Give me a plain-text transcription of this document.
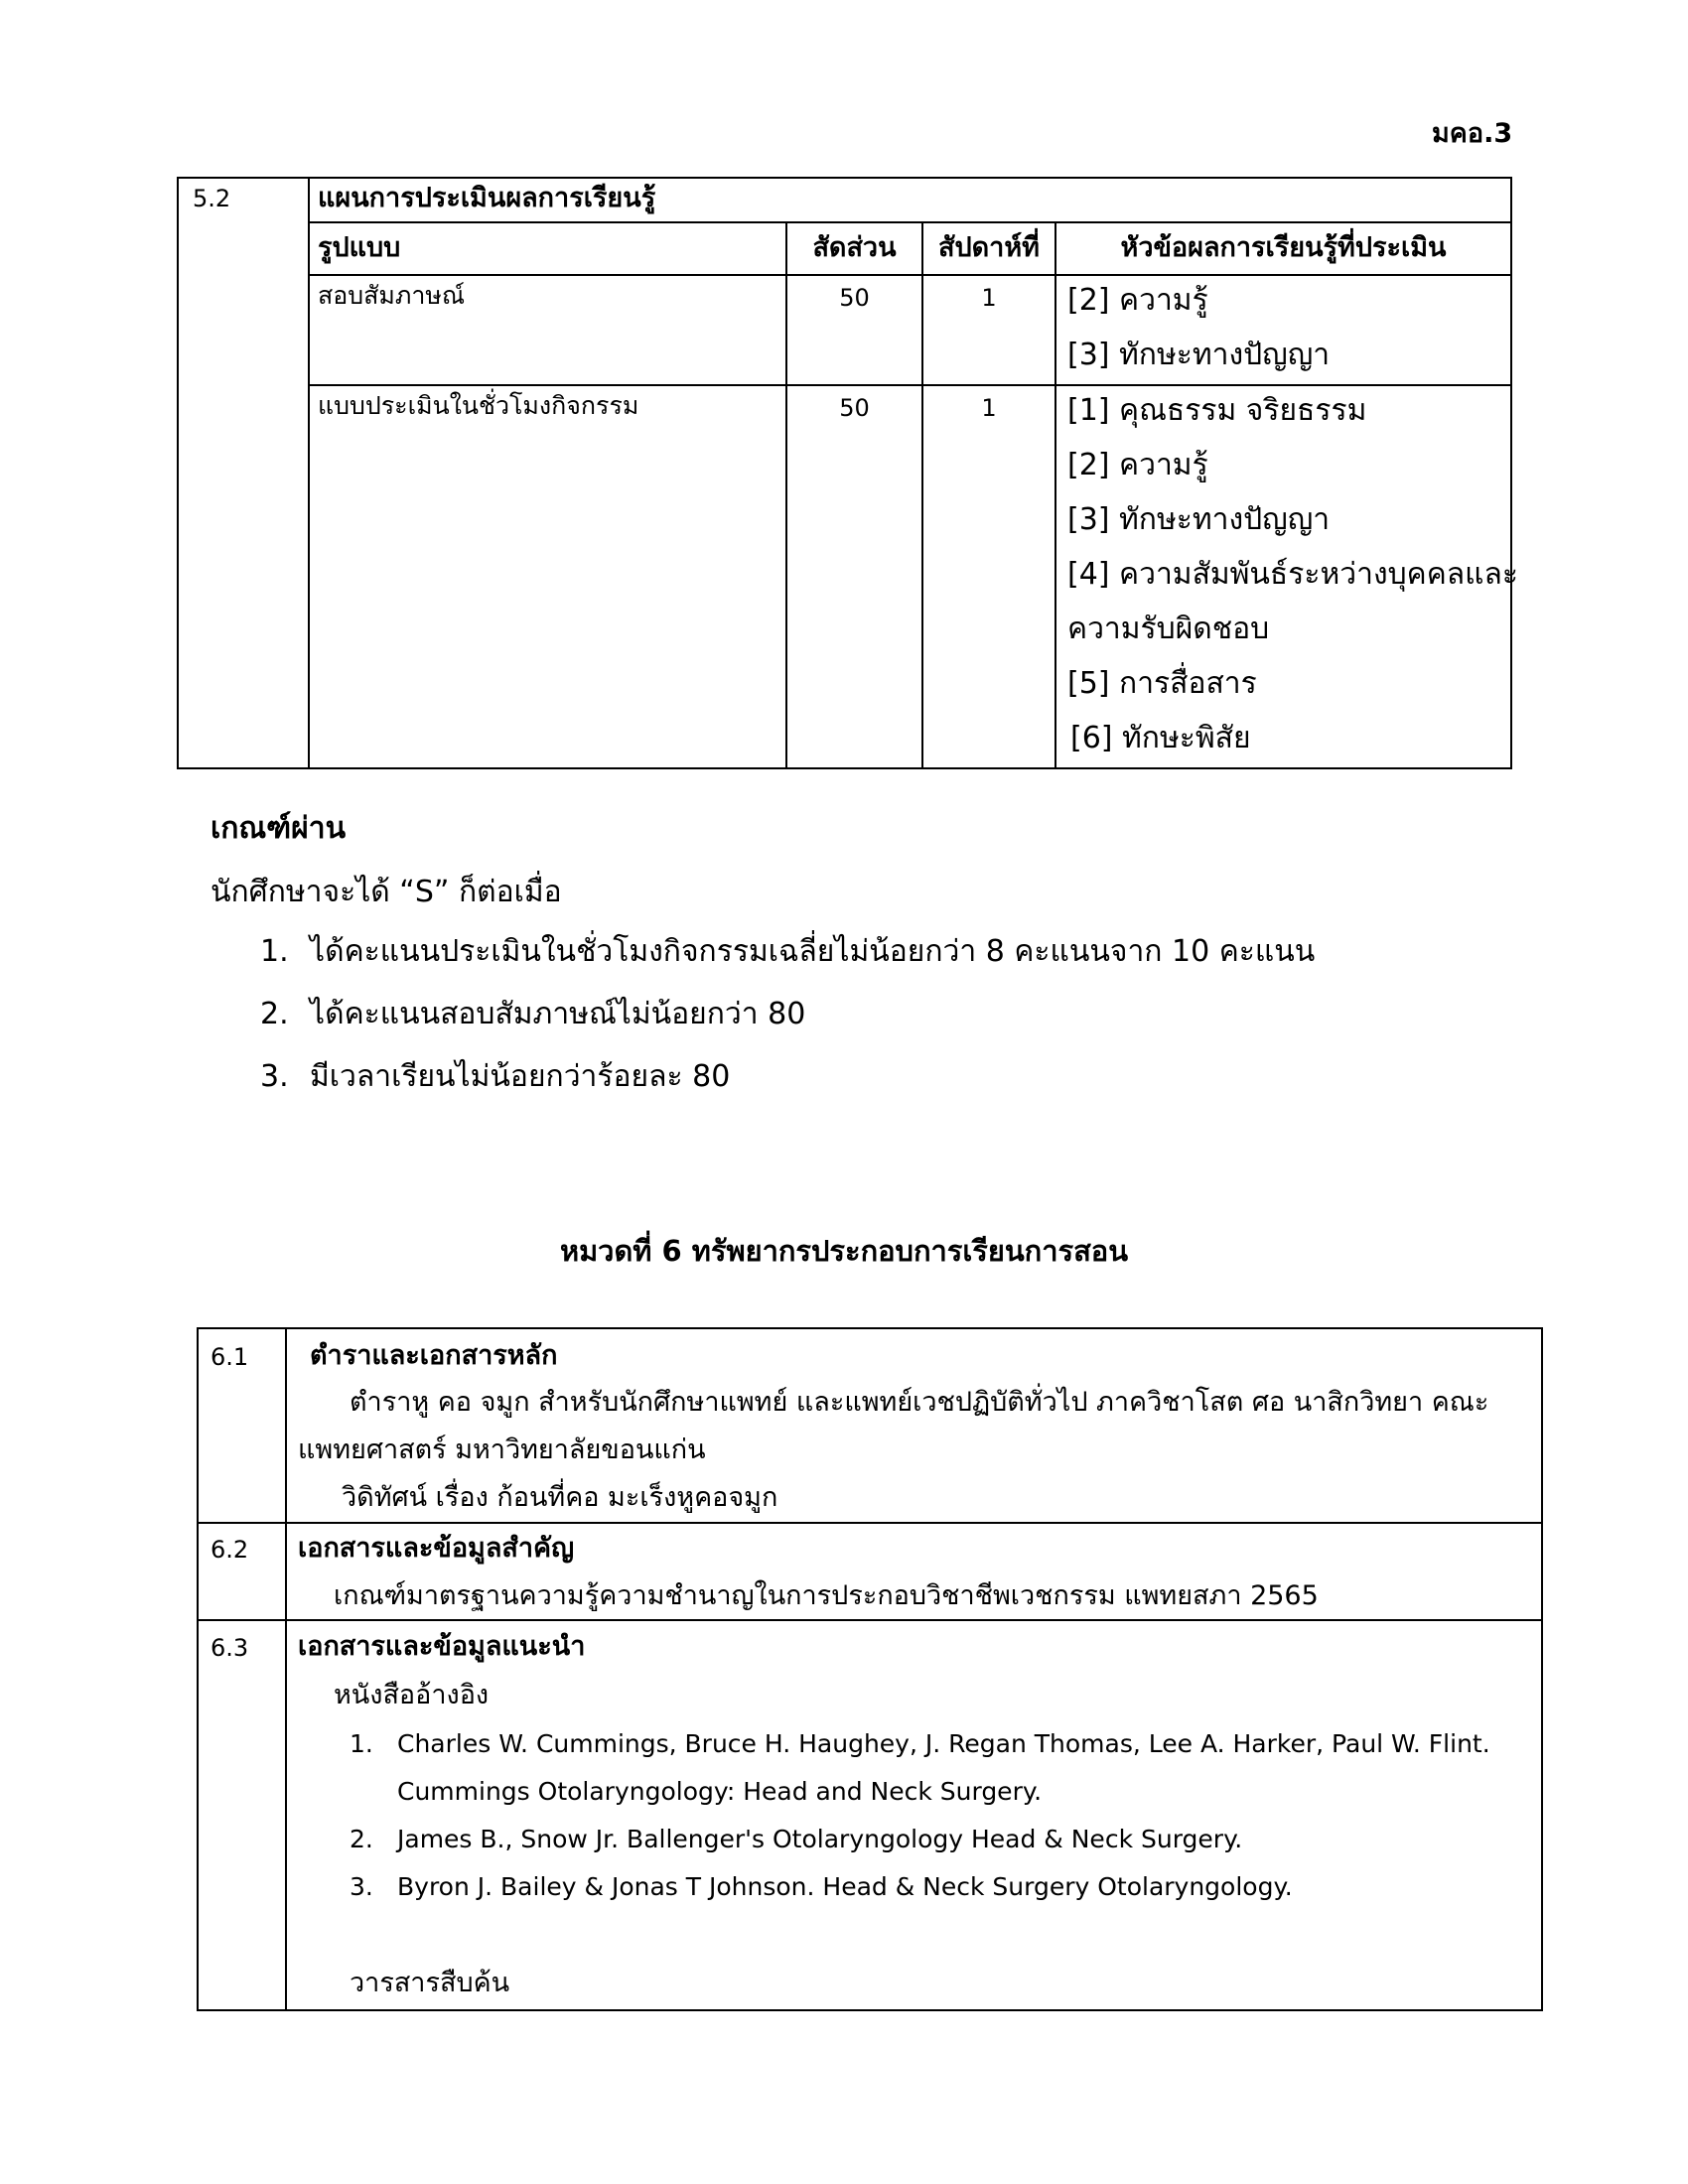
มคอ.3
5.2	แผนการประเมินผลการเรียนรู้
รูปแบบ	สัดส่วน	สัปดาห์ที่	หัวข้อผลการเรียนรู้ที่ประเมิน
สอบสัมภาษณ์	50	1	[2] ความรู้
[3] ทักษะทางปัญญา
แบบประเมินในชั่วโมงกิจกรรม	50	1	[1] คุณธรรม จริยธรรม
[2] ความรู้
[3] ทักษะทางปัญญา
[4] ความสัมพันธ์ระหว่างบุคคลและ
ความรับผิดชอบ
[5] การสื่อสาร
[6] ทักษะพิสัย
เกณฑ์ผ่าน
นักศึกษาจะได้ “S” ก็ต่อเมื่อ
1. ได้คะแนนประเมินในชั่วโมงกิจกรรมเฉลี่ยไม่น้อยกว่า 8 คะแนนจาก 10 คะแนน
2. ได้คะแนนสอบสัมภาษณ์ไม่น้อยกว่า 80
3. มีเวลาเรียนไม่น้อยกว่าร้อยละ 80
หมวดที่ 6 ทรัพยากรประกอบการเรียนการสอน
6.1 ตำราและเอกสารหลัก
ตำราหู คอ จมูก สำหรับนักศึกษาแพทย์ และแพทย์เวชปฏิบัติทั่วไป ภาควิชาโสต ศอ นาสิกวิทยา คณะ
แพทยศาสตร์ มหาวิทยาลัยขอนแก่น
วิดิทัศน์ เรื่อง ก้อนที่คอ มะเร็งหูคอจมูก
6.2 เอกสารและข้อมูลสำคัญ
เกณฑ์มาตรฐานความรู้ความชำนาญในการประกอบวิชาชีพเวชกรรม แพทยสภา 2565
6.3 เอกสารและข้อมูลแนะนำ
หนังสืออ้างอิง
1. Charles W. Cummings, Bruce H. Haughey, J. Regan Thomas, Lee A. Harker, Paul W. Flint.
Cummings Otolaryngology: Head and Neck Surgery.
2. James B., Snow Jr. Ballenger's Otolaryngology Head & Neck Surgery.
3. Byron J. Bailey & Jonas T Johnson. Head & Neck Surgery Otolaryngology.
วารสารสืบค้น
